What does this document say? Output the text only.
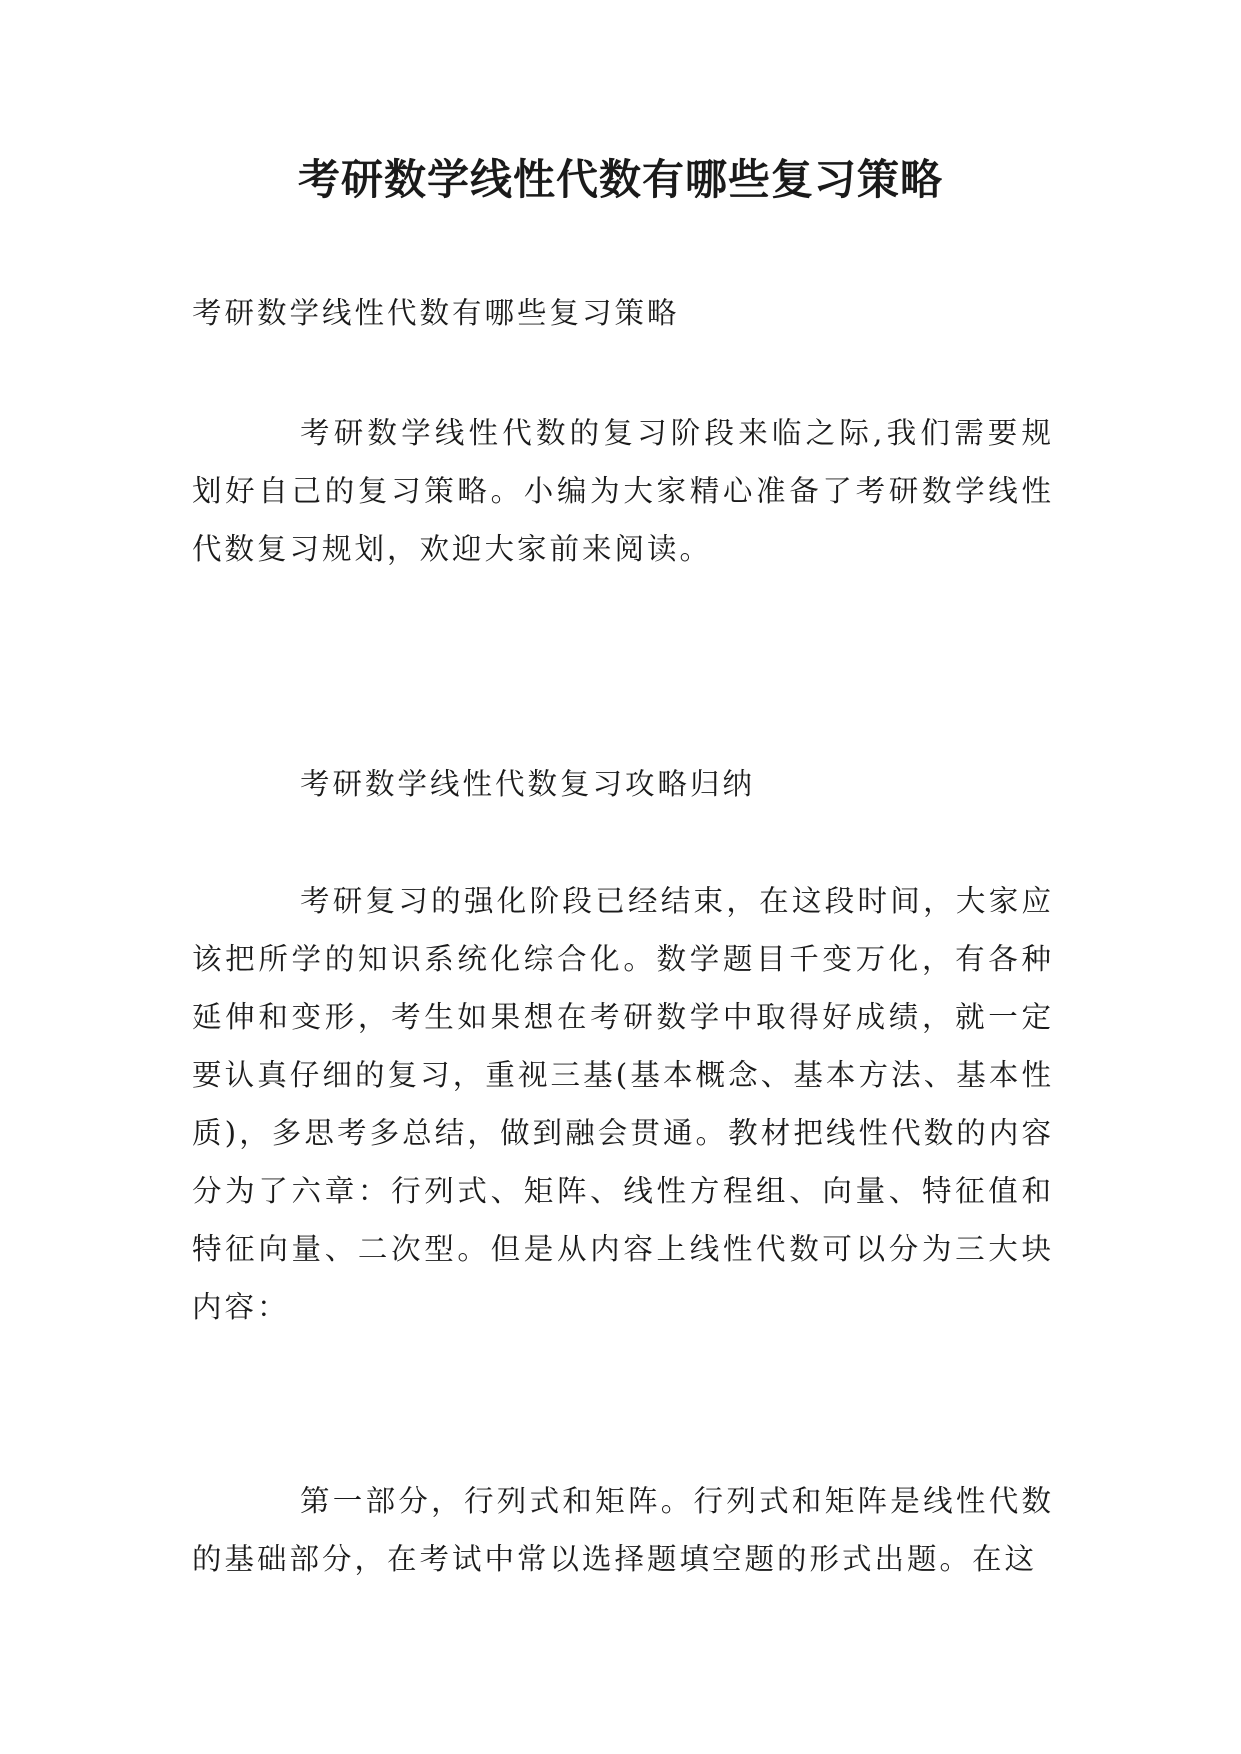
考研数学线性代数有哪些复习策略

考研数学线性代数有哪些复习策略

考研数学线性代数的复习阶段来临之际,我们需要规划好自己的复习策略。小编为大家精心准备了考研数学线性代数复习规划，欢迎大家前来阅读。

考研数学线性代数复习攻略归纳

考研复习的强化阶段已经结束，在这段时间，大家应该把所学的知识系统化综合化。数学题目千变万化，有各种延伸和变形，考生如果想在考研数学中取得好成绩，就一定要认真仔细的复习，重视三基(基本概念、基本方法、基本性质)，多思考多总结，做到融会贯通。教材把线性代数的内容分为了六章：行列式、矩阵、线性方程组、向量、特征值和特征向量、二次型。但是从内容上线性代数可以分为三大块内容：

第一部分，行列式和矩阵。行列式和矩阵是线性代数的基础部分，在考试中常以选择题填空题的形式出题。在这
